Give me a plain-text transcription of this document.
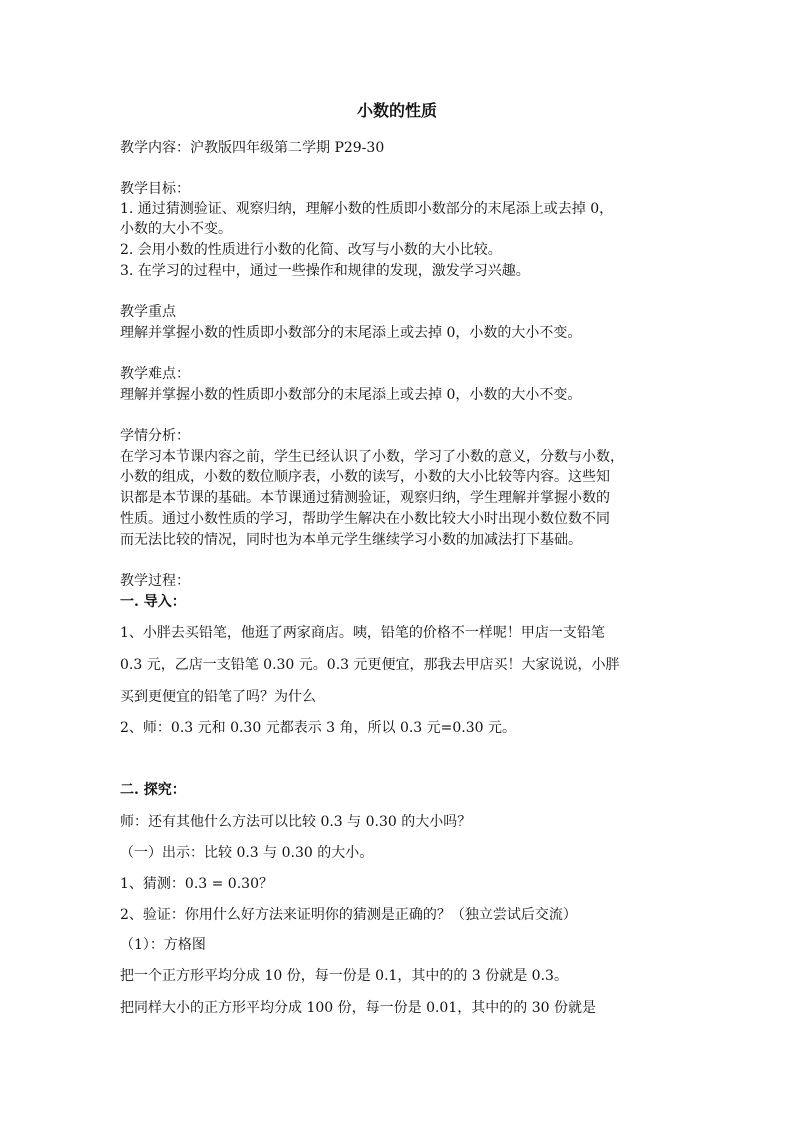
小数的性质
教学内容：沪教版四年级第二学期 P29-30
教学目标：
1. 通过猜测验证、观察归纳，理解小数的性质即小数部分的末尾添上或去掉 0，
小数的大小不变。
2. 会用小数的性质进行小数的化简、改写与小数的大小比较。
3. 在学习的过程中，通过一些操作和规律的发现，激发学习兴趣。
教学重点
理解并掌握小数的性质即小数部分的末尾添上或去掉 0，小数的大小不变。
教学难点：
理解并掌握小数的性质即小数部分的末尾添上或去掉 0，小数的大小不变。
学情分析：
在学习本节课内容之前，学生已经认识了小数，学习了小数的意义，分数与小数，
小数的组成，小数的数位顺序表，小数的读写，小数的大小比较等内容。这些知
识都是本节课的基础。本节课通过猜测验证，观察归纳，学生理解并掌握小数的
性质。通过小数性质的学习，帮助学生解决在小数比较大小时出现小数位数不同
而无法比较的情况，同时也为本单元学生继续学习小数的加减法打下基础。
教学过程：
一. 导入：
1、小胖去买铅笔，他逛了两家商店。咦，铅笔的价格不一样呢！甲店一支铅笔
0.3 元，乙店一支铅笔 0.30 元。0.3 元更便宜，那我去甲店买！大家说说，小胖
买到更便宜的铅笔了吗？为什么
2、师：0.3 元和 0.30 元都表示 3 角，所以 0.3 元=0.30 元。
二. 探究：
师：还有其他什么方法可以比较 0.3 与 0.30 的大小吗？
（一）出示：比较 0.3 与 0.30 的大小。
1、猜测：0.3 = 0.30？
2、验证：你用什么好方法来证明你的猜测是正确的？（独立尝试后交流）
（1）：方格图
把一个正方形平均分成 10 份，每一份是 0.1，其中的的 3 份就是 0.3。
把同样大小的正方形平均分成 100 份，每一份是 0.01，其中的的 30 份就是
